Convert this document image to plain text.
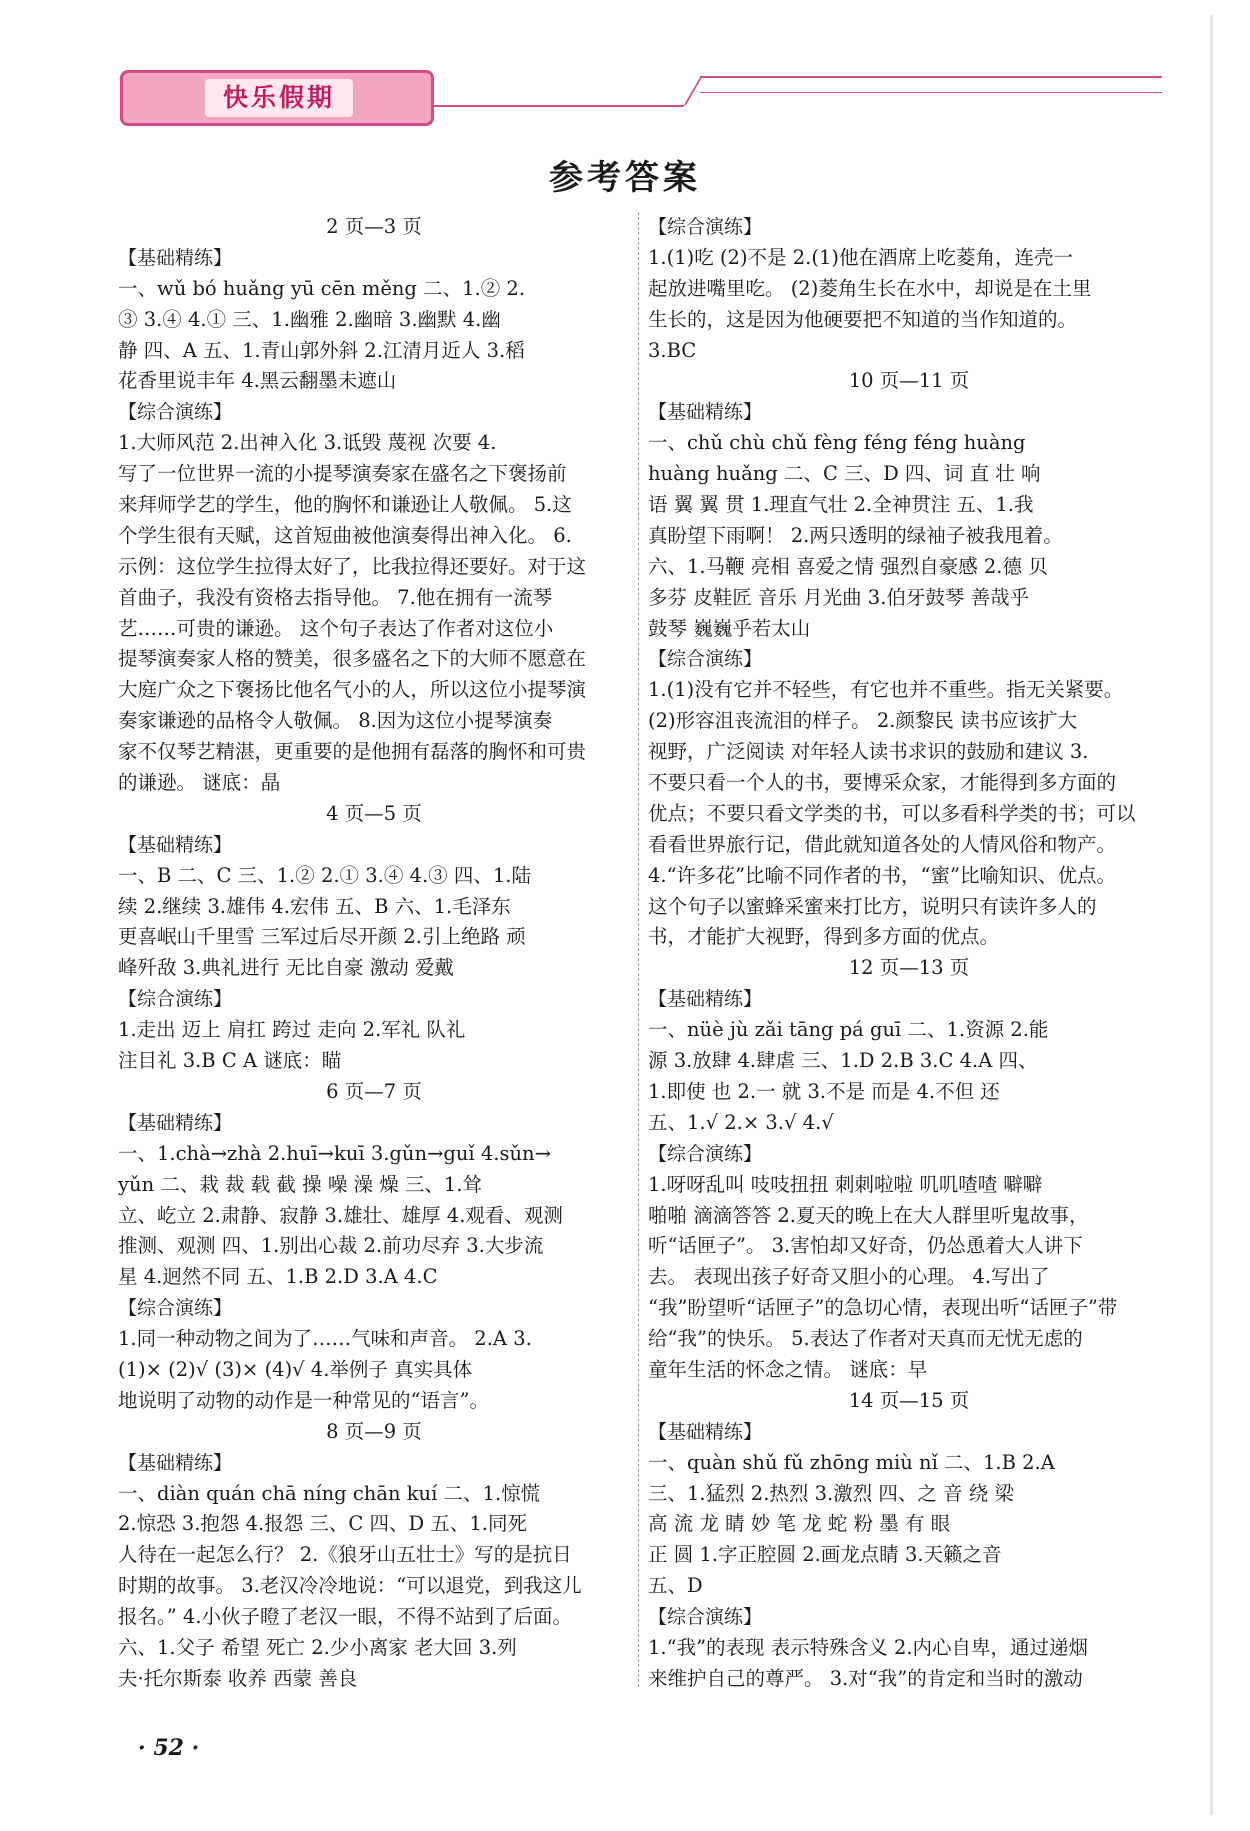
快乐假期
参考答案
2 页—3 页
【基础精练】
一、wǔ bó huǎng yū cēn měng 二、1.② 2.
③ 3.④ 4.① 三、1.幽雅 2.幽暗 3.幽默 4.幽
静 四、A 五、1.青山郭外斜 2.江清月近人 3.稻
花香里说丰年 4.黑云翻墨未遮山
【综合演练】
1.大师风范 2.出神入化 3.诋毁 蔑视 次要 4.
写了一位世界一流的小提琴演奏家在盛名之下褒扬前
来拜师学艺的学生，他的胸怀和谦逊让人敬佩。 5.这
个学生很有天赋，这首短曲被他演奏得出神入化。 6.
示例：这位学生拉得太好了，比我拉得还要好。对于这
首曲子，我没有资格去指导他。 7.他在拥有一流琴
艺……可贵的谦逊。 这个句子表达了作者对这位小
提琴演奏家人格的赞美，很多盛名之下的大师不愿意在
大庭广众之下褒扬比他名气小的人，所以这位小提琴演
奏家谦逊的品格令人敬佩。 8.因为这位小提琴演奏
家不仅琴艺精湛，更重要的是他拥有磊落的胸怀和可贵
的谦逊。 谜底：晶
4 页—5 页
【基础精练】
一、B 二、C 三、1.② 2.① 3.④ 4.③ 四、1.陆
续 2.继续 3.雄伟 4.宏伟 五、B 六、1.毛泽东
更喜岷山千里雪 三军过后尽开颜 2.引上绝路 顽
峰歼敌 3.典礼进行 无比自豪 激动 爱戴
【综合演练】
1.走出 迈上 肩扛 跨过 走向 2.军礼 队礼
注目礼 3.B C A 谜底：瞄
6 页—7 页
【基础精练】
一、1.chà→zhà 2.huī→kuī 3.gǔn→guǐ 4.sǔn→
yǔn 二、栽 裁 载 截 操 噪 澡 燥 三、1.耸
立、屹立 2.肃静、寂静 3.雄壮、雄厚 4.观看、观测
推测、观测 四、1.别出心裁 2.前功尽弃 3.大步流
星 4.迥然不同 五、1.B 2.D 3.A 4.C
【综合演练】
1.同一种动物之间为了……气味和声音。 2.A 3.
(1)× (2)√ (3)× (4)√ 4.举例子 真实具体
地说明了动物的动作是一种常见的“语言”。
8 页—9 页
【基础精练】
一、diàn quán chā níng chān kuí 二、1.惊慌
2.惊恐 3.抱怨 4.报怨 三、C 四、D 五、1.同死
人待在一起怎么行？ 2.《狼牙山五壮士》写的是抗日
时期的故事。 3.老汉冷冷地说：“可以退党，到我这儿
报名。” 4.小伙子瞪了老汉一眼，不得不站到了后面。
六、1.父子 希望 死亡 2.少小离家 老大回 3.列
夫·托尔斯泰 收养 西蒙 善良
【综合演练】
1.(1)吃 (2)不是 2.(1)他在酒席上吃菱角，连壳一
起放进嘴里吃。 (2)菱角生长在水中，却说是在土里
生长的，这是因为他硬要把不知道的当作知道的。
3.BC
10 页—11 页
【基础精练】
一、chǔ chù chǔ fèng féng féng huàng
huàng huǎng 二、C 三、D 四、词 直 壮 响
语 翼 翼 贯 1.理直气壮 2.全神贯注 五、1.我
真盼望下雨啊！ 2.两只透明的绿袖子被我甩着。
六、1.马鞭 亮相 喜爱之情 强烈自豪感 2.德 贝
多芬 皮鞋匠 音乐 月光曲 3.伯牙鼓琴 善哉乎
鼓琴 巍巍乎若太山
【综合演练】
1.(1)没有它并不轻些，有它也并不重些。指无关紧要。
(2)形容沮丧流泪的样子。 2.颜黎民 读书应该扩大
视野，广泛阅读 对年轻人读书求识的鼓励和建议 3.
不要只看一个人的书，要博采众家，才能得到多方面的
优点；不要只看文学类的书，可以多看科学类的书；可以
看看世界旅行记，借此就知道各处的人情风俗和物产。
4.“许多花”比喻不同作者的书，“蜜”比喻知识、优点。
这个句子以蜜蜂采蜜来打比方，说明只有读许多人的
书，才能扩大视野，得到多方面的优点。
12 页—13 页
【基础精练】
一、nüè jù zǎi tāng pá guī 二、1.资源 2.能
源 3.放肆 4.肆虐 三、1.D 2.B 3.C 4.A 四、
1.即使 也 2.一 就 3.不是 而是 4.不但 还
五、1.√ 2.× 3.√ 4.√
【综合演练】
1.呀呀乱叫 吱吱扭扭 刺刺啦啦 叽叽喳喳 噼噼
啪啪 滴滴答答 2.夏天的晚上在大人群里听鬼故事，
听“话匣子”。 3.害怕却又好奇，仍怂恿着大人讲下
去。 表现出孩子好奇又胆小的心理。 4.写出了
“我”盼望听“话匣子”的急切心情，表现出听“话匣子”带
给“我”的快乐。 5.表达了作者对天真而无忧无虑的
童年生活的怀念之情。 谜底：早
14 页—15 页
【基础精练】
一、quàn shǔ fǔ zhōng miù nǐ 二、1.B 2.A
三、1.猛烈 2.热烈 3.激烈 四、之 音 绕 梁
高 流 龙 睛 妙 笔 龙 蛇 粉 墨 有 眼
正 圆 1.字正腔圆 2.画龙点睛 3.天籁之音
五、D
【综合演练】
1.“我”的表现 表示特殊含义 2.内心自卑，通过递烟
来维护自己的尊严。 3.对“我”的肯定和当时的激动
· 52 ·
